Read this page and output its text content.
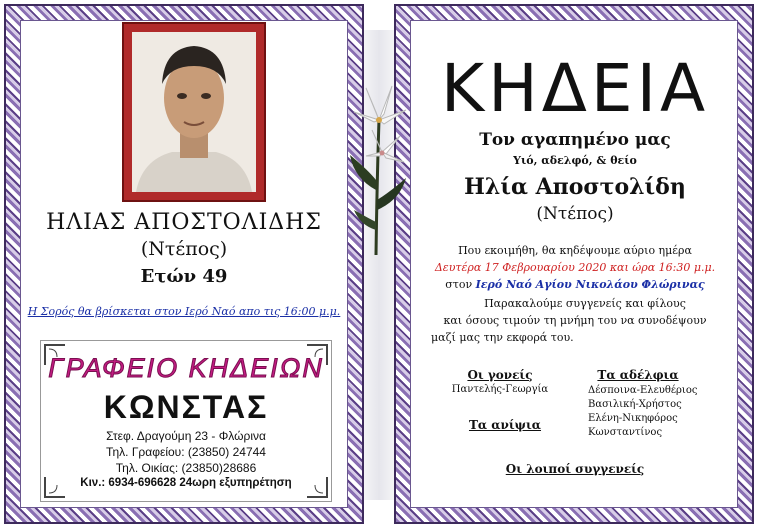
ΗΛΙΑΣ ΑΠΟΣΤΟΛΙΔΗΣ
(Ντέπος)
Ετών 49
Η Σορός θα βρίσκεται στον Ιερό Ναό απο τις 16:00 μ.μ.
ΓΡΑΦΕΙΟ ΚΗΔΕΙΩΝ
ΚΩΝΣΤΑΣ
Στεφ. Δραγούμη 23 - Φλώρινα
Τηλ. Γραφείου: (23850) 24744
Τηλ. Οικίας: (23850)28686
Κιν.: 6934-696628 24ωρη εξυπηρέτηση
ΚΗΔΕΙΑ
Τον αγαπημένο μας
Υιό, αδελφό, & θείο
Ηλία Αποστολίδη
(Ντέπος)
Που εκοιμήθη, θα κηδέψουμε αύριο ημέρα
Δευτέρα 17 Φεβρουαρίου 2020 και ώρα 16:30 μ.μ.
στον Ιερό Ναό Αγίου Νικολάου Φλώρινας
Παρακαλούμε συγγενείς και φίλους
και όσους τιμούν τη μνήμη του να συνοδέψουν
μαζί μας την εκφορά του.
Οι γονείς
Παντελής-Γεωργία
Τα αδέλφια
Δέσποινα-Ελευθέριος
Βασιλική-Χρήστος
Ελένη-Νικηφόρος
Κωνσταντίνος
Τα ανίψια
Οι λοιποί συγγενείς
